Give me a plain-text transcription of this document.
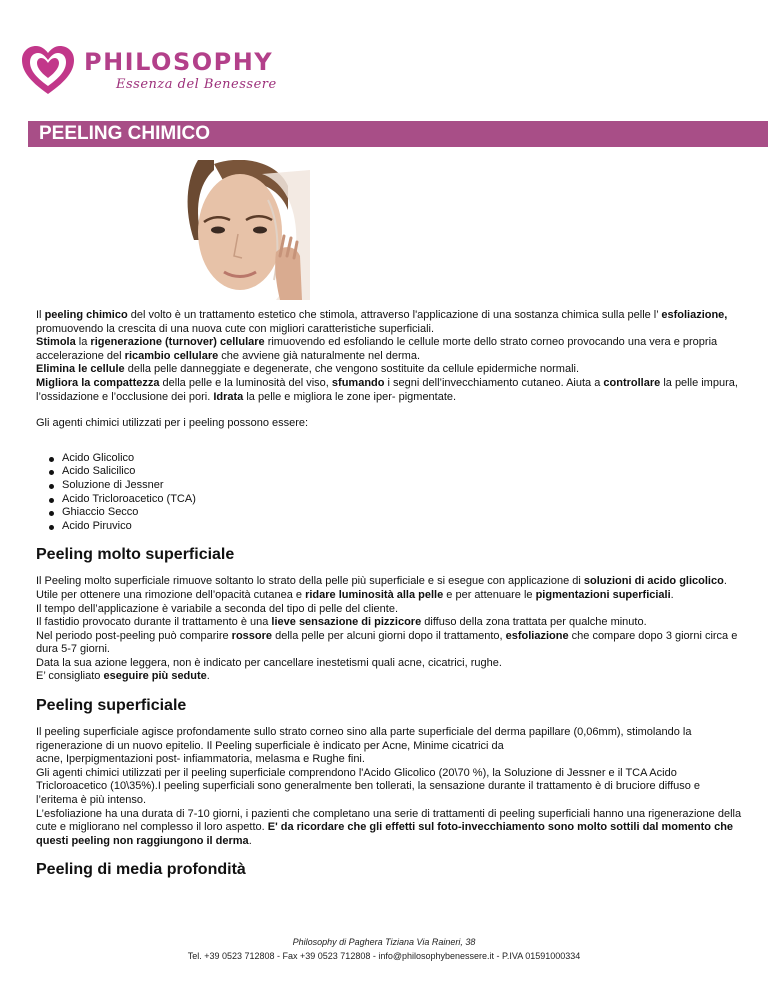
PHILOSOPHY
Essenza del Benessere
PEELING CHIMICO

Il peeling chimico del volto è un trattamento estetico che stimola, attraverso l'applicazione di una sostanza chimica sulla pelle l’ esfoliazione, promuovendo la crescita di una nuova cute con migliori caratteristiche superficiali.

Stimola la rigenerazione (turnover) cellulare rimuovendo ed esfoliando le cellule morte dello strato corneo provocando una vera e propria accelerazione del ricambio cellulare che avviene già naturalmente nel derma.

Elimina le cellule della pelle danneggiate e degenerate, che vengono sostituite da cellule epidermiche normali.

Migliora la compattezza della pelle e la luminosità del viso, sfumando i segni dell’invecchiamento cutaneo. Aiuta a controllare la pelle impura, l’ossidazione e l’occlusione dei pori. Idrata la pelle e migliora le zone iper- pigmentate.

Gli agenti chimici utilizzati per i peeling possono essere:

Acido Glicolico
Acido Salicilico
Soluzione di Jessner
Acido Tricloroacetico (TCA)
Ghiaccio Secco
Acido Piruvico
Peeling molto superficiale

Il Peeling molto superficiale rimuove soltanto lo strato della pelle più superficiale e si esegue con applicazione di soluzioni di acido glicolico.

Utile per ottenere una rimozione dell’opacità cutanea e ridare luminosità alla pelle e per attenuare le pigmentazioni superficiali.

Il tempo dell’applicazione è variabile a seconda del tipo di pelle del cliente.

Il fastidio provocato durante il trattamento è una lieve sensazione di pizzicore diffuso della zona trattata per qualche minuto.

Nel periodo post-peeling può comparire rossore della pelle per alcuni giorni dopo il trattamento, esfoliazione che compare dopo 3 giorni circa e dura 5-7 giorni.

Data la sua azione leggera, non è indicato per cancellare inestetismi quali acne, cicatrici, rughe.

E’ consigliato eseguire più sedute.

Peeling superficiale

Il peeling superficiale agisce profondamente sullo strato corneo sino alla parte superficiale del derma papillare (0,06mm), stimolando la rigenerazione di un nuovo epitelio. Il Peeling superficiale è indicato per Acne, Minime cicatrici da

acne, Iperpigmentazioni post- infiammatoria, melasma e Rughe fini.

Gli agenti chimici utilizzati per il peeling superficiale comprendono l'Acido Glicolico (20\70 %), la Soluzione di Jessner e il TCA Acido Tricloroacetico (10\35%).I peeling superficiali sono generalmente ben tollerati, la sensazione durante il trattamento è di bruciore diffuso e l’eritema è più intenso.

L’esfoliazione ha una durata di 7-10 giorni, i pazienti che completano una serie di trattamenti di peeling superficiali hanno una rigenerazione della cute e migliorano nel complesso il loro aspetto. E' da ricordare che gli effetti sul foto-invecchiamento sono molto sottili dal momento che questi peeling non raggiungono il derma.

Peeling di media profondità
Philosophy di Paghera Tiziana Via Raineri, 38
Tel. +39 0523 712808 - Fax +39 0523 712808 - info@philosophybenessere.it - P.IVA 01591000334
